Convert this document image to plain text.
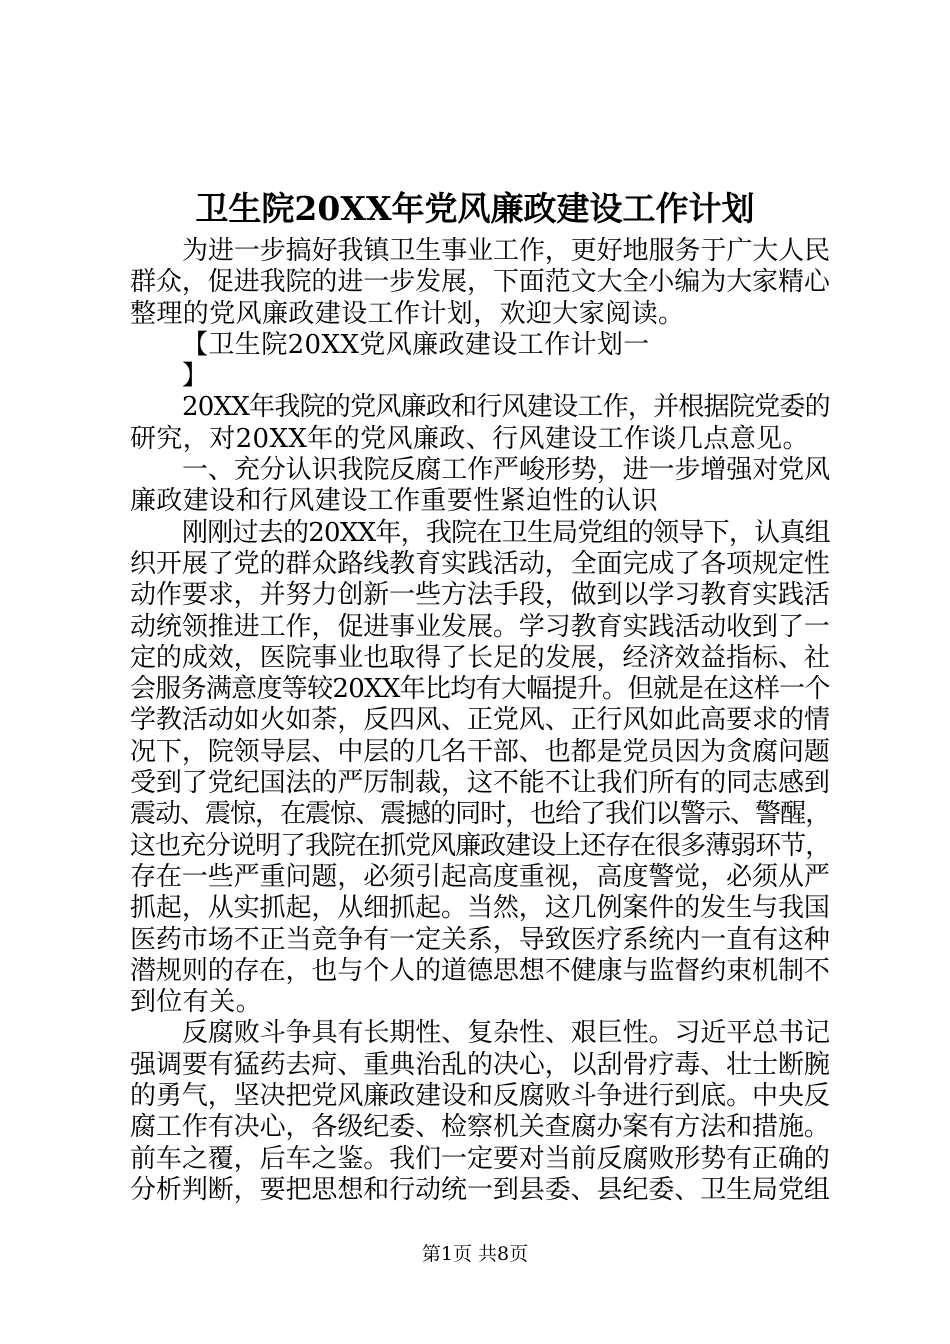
卫生院20XX年党风廉政建设工作计划
为进一步搞好我镇卫生事业工作，更好地服务于广大人民
群众，促进我院的进一步发展，下面范文大全小编为大家精心
整理的党风廉政建设工作计划，欢迎大家阅读。
【卫生院20XX党风廉政建设工作计划一
】
20XX年我院的党风廉政和行风建设工作，并根据院党委的
研究，对20XX年的党风廉政、行风建设工作谈几点意见。
一、充分认识我院反腐工作严峻形势，进一步增强对党风
廉政建设和行风建设工作重要性紧迫性的认识
刚刚过去的20XX年，我院在卫生局党组的领导下，认真组
织开展了党的群众路线教育实践活动，全面完成了各项规定性
动作要求，并努力创新一些方法手段，做到以学习教育实践活
动统领推进工作，促进事业发展。学习教育实践活动收到了一
定的成效，医院事业也取得了长足的发展，经济效益指标、社
会服务满意度等较20XX年比均有大幅提升。但就是在这样一个
学教活动如火如荼，反四风、正党风、正行风如此高要求的情
况下，院领导层、中层的几名干部、也都是党员因为贪腐问题
受到了党纪国法的严厉制裁，这不能不让我们所有的同志感到
震动、震惊，在震惊、震撼的同时，也给了我们以警示、警醒，
这也充分说明了我院在抓党风廉政建设上还存在很多薄弱环节，
存在一些严重问题，必须引起高度重视，高度警觉，必须从严
抓起，从实抓起，从细抓起。当然，这几例案件的发生与我国
医药市场不正当竞争有一定关系，导致医疗系统内一直有这种
潜规则的存在，也与个人的道德思想不健康与监督约束机制不
到位有关。
反腐败斗争具有长期性、复杂性、艰巨性。习近平总书记
强调要有猛药去疴、重典治乱的决心，以刮骨疗毒、壮士断腕
的勇气，坚决把党风廉政建设和反腐败斗争进行到底。中央反
腐工作有决心，各级纪委、检察机关查腐办案有方法和措施。
前车之覆，后车之鉴。我们一定要对当前反腐败形势有正确的
分析判断，要把思想和行动统一到县委、县纪委、卫生局党组
第1页 共8页
